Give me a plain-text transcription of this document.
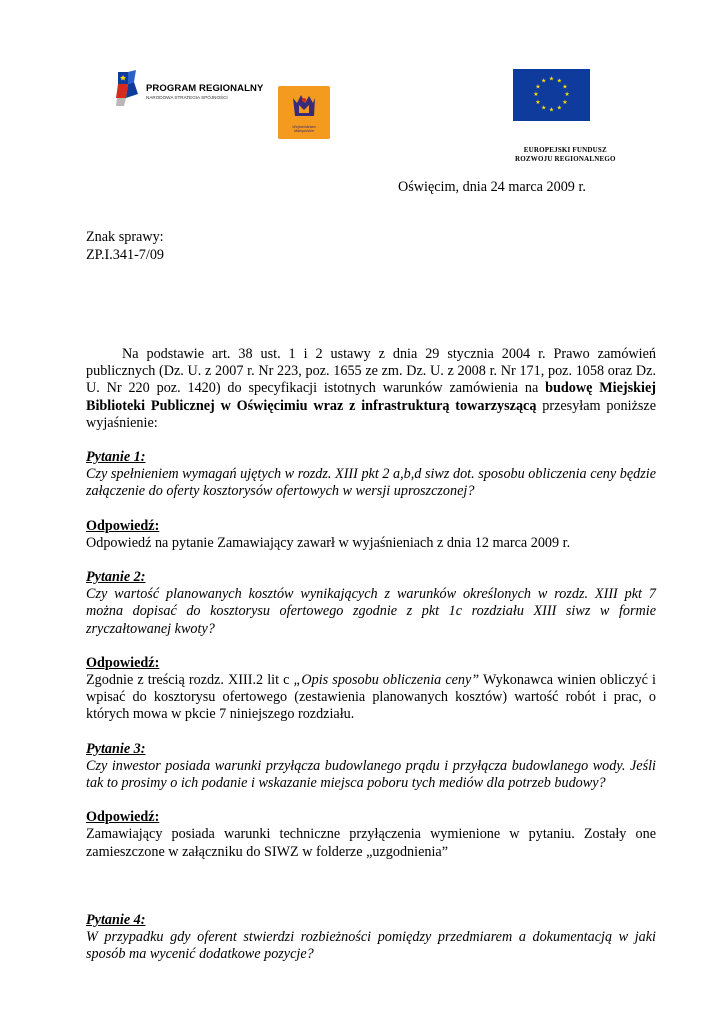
PROGRAM REGIONALNY
NARODOWA STRATEGIA SPÓJNOŚCI
Województwo
Małopolskie
★ ★
★
★
★
★
★
★
★
★
★
★
EUROPEJSKI FUNDUSZ
ROZWOJU REGIONALNEGO
Oświęcim, dnia 24 marca 2009 r.
Znak sprawy:
ZP.I.341-7/09

Na podstawie art. 38 ust. 1 i 2 ustawy z dnia 29 stycznia 2004 r. Prawo zamówień publicznych (Dz. U. z 2007 r. Nr 223, poz. 1655 ze zm. Dz. U. z 2008 r. Nr 171, poz. 1058 oraz Dz. U. Nr 220 poz. 1420) do specyfikacji istotnych warunków zamówienia na budowę Miejskiej Biblioteki Publicznej w Oświęcimiu wraz z infrastrukturą towarzyszącą przesyłam poniższe wyjaśnienie:

Pytanie 1:

Czy spełnieniem wymagań ujętych w rozdz. XIII pkt 2 a,b,d siwz dot. sposobu obliczenia ceny będzie załączenie do oferty kosztorysów ofertowych w wersji uproszczonej?

Odpowiedź:

Odpowiedź na pytanie Zamawiający zawarł w wyjaśnieniach z dnia 12 marca 2009 r.

Pytanie 2:

Czy wartość planowanych kosztów wynikających z warunków określonych w rozdz. XIII pkt 7 można dopisać do kosztorysu ofertowego zgodnie z pkt 1c rozdziału XIII siwz w formie zryczałtowanej kwoty?

Odpowiedź:

Zgodnie z treścią rozdz. XIII.2 lit c „Opis sposobu obliczenia ceny” Wykonawca winien obliczyć i wpisać do kosztorysu ofertowego (zestawienia planowanych kosztów) wartość robót i prac, o których mowa w pkcie 7 niniejszego rozdziału.

Pytanie 3:

Czy inwestor posiada warunki przyłącza budowlanego prądu i przyłącza budowlanego wody. Jeśli tak to prosimy o ich podanie i wskazanie miejsca poboru tych mediów dla potrzeb budowy?

Odpowiedź:

Zamawiający posiada warunki techniczne przyłączenia wymienione w pytaniu. Zostały one zamieszczone w załączniku do SIWZ w folderze „uzgodnienia”

Pytanie 4:

W przypadku gdy oferent stwierdzi rozbieżności pomiędzy przedmiarem a dokumentacją w jaki sposób ma wycenić dodatkowe pozycje?
